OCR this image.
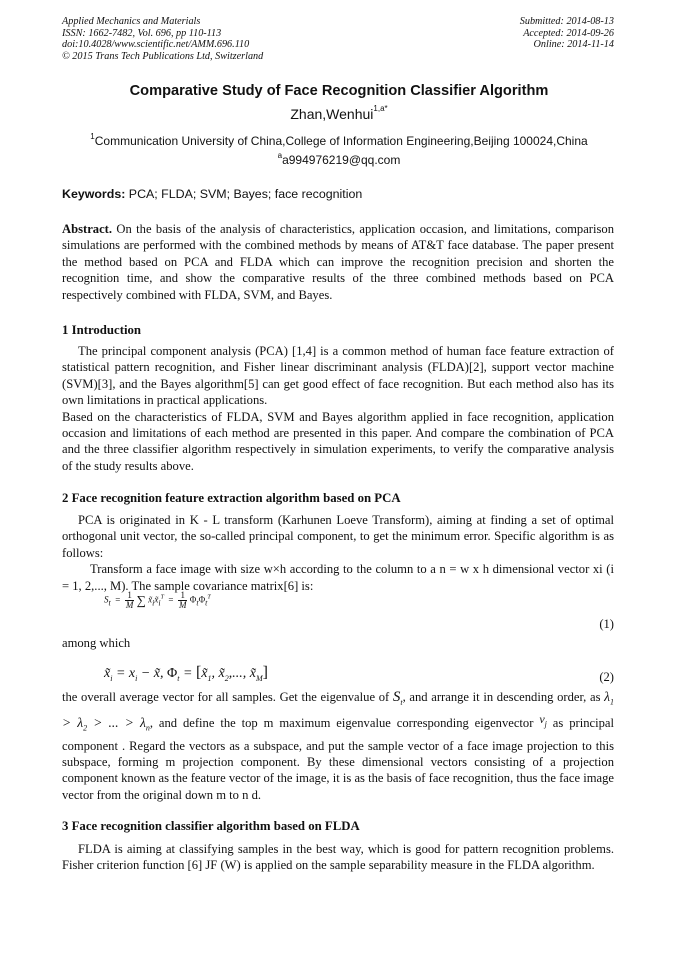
Applied Mechanics and Materials
ISSN: 1662-7482, Vol. 696, pp 110-113
doi:10.4028/www.scientific.net/AMM.696.110
© 2015 Trans Tech Publications Ltd, Switzerland
Submitted: 2014-08-13
Accepted: 2014-09-26
Online: 2014-11-14
Comparative Study of Face Recognition Classifier Algorithm
Zhan,Wenhui$^{1,a*}$
$^1$Communication University of China,College of Information Engineering,Beijing 100024,China
$^a$a994976219@qq.com
Keywords: PCA; FLDA; SVM; Bayes; face recognition
Abstract. On the basis of the analysis of characteristics, application occasion, and limitations, comparison simulations are performed with the combined methods by means of AT&T face database. The paper present the method based on PCA and FLDA which can improve the recognition precision and shorten the recognition time, and show the comparative results of the three combined methods based on PCA respectively combined with FLDA, SVM, and Bayes.
1 Introduction

The principal component analysis (PCA) [1,4] is a common method of human face feature extraction of statistical pattern recognition, and Fisher linear discriminant analysis (FLDA)[2], support vector machine (SVM)[3], and the Bayes algorithm[5] can get good effect of face recognition. But each method also has its own limitations in practical applications.

Based on the characteristics of FLDA, SVM and Bayes algorithm applied in face recognition, application occasion and limitations of each method are presented in this paper. And compare the combination of PCA and the three classifier algorithm respectively in simulation experiments, to verify the comparative analysis of the study results above.

2 Face recognition feature extraction algorithm based on PCA

PCA is originated in K - L transform (Karhunen Loeve Transform), aiming at finding a set of optimal orthogonal unit vector, the so-called principal component, to get the minimum error. Specific algorithm is as follows:

Transform a face image with size w×h according to the column to a n = w x h dimensional vector xi (i = 1, 2,..., M). The sample covariance matrix[6] is:

$St = \frac{1}{M}$ ∑ $x̃ix̃i^T = \frac{1}{M} \Phi t\Phi t^T$
(1)
among which
$x̃_i = x_i$ − x̃, $\Phi_t$ = [$x̃_1$, $x̃_2$,..., $x̃_M$]	(2)

the overall average vector for all samples. Get the eigenvalue of $S_t$, and arrange it in descending order, as $\lambda_1 > \lambda_2$ > ... > $\lambda_n$, and define the top m maximum eigenvalue corresponding eigenvector $v_j$ as principal component . Regard the vectors as a subspace, and put the sample vector of a face image projection to this subspace, forming m projection component. By these dimensional vectors consisting of a projection component known as the feature vector of the image, it is as the basis of face recognition, thus the face image vector from the original down m to n d.

3 Face recognition classifier algorithm based on FLDA

FLDA is aiming at classifying samples in the best way, which is good for pattern recognition problems. Fisher criterion function [6] JF (W) is applied on the sample separability measure in the FLDA algorithm.
